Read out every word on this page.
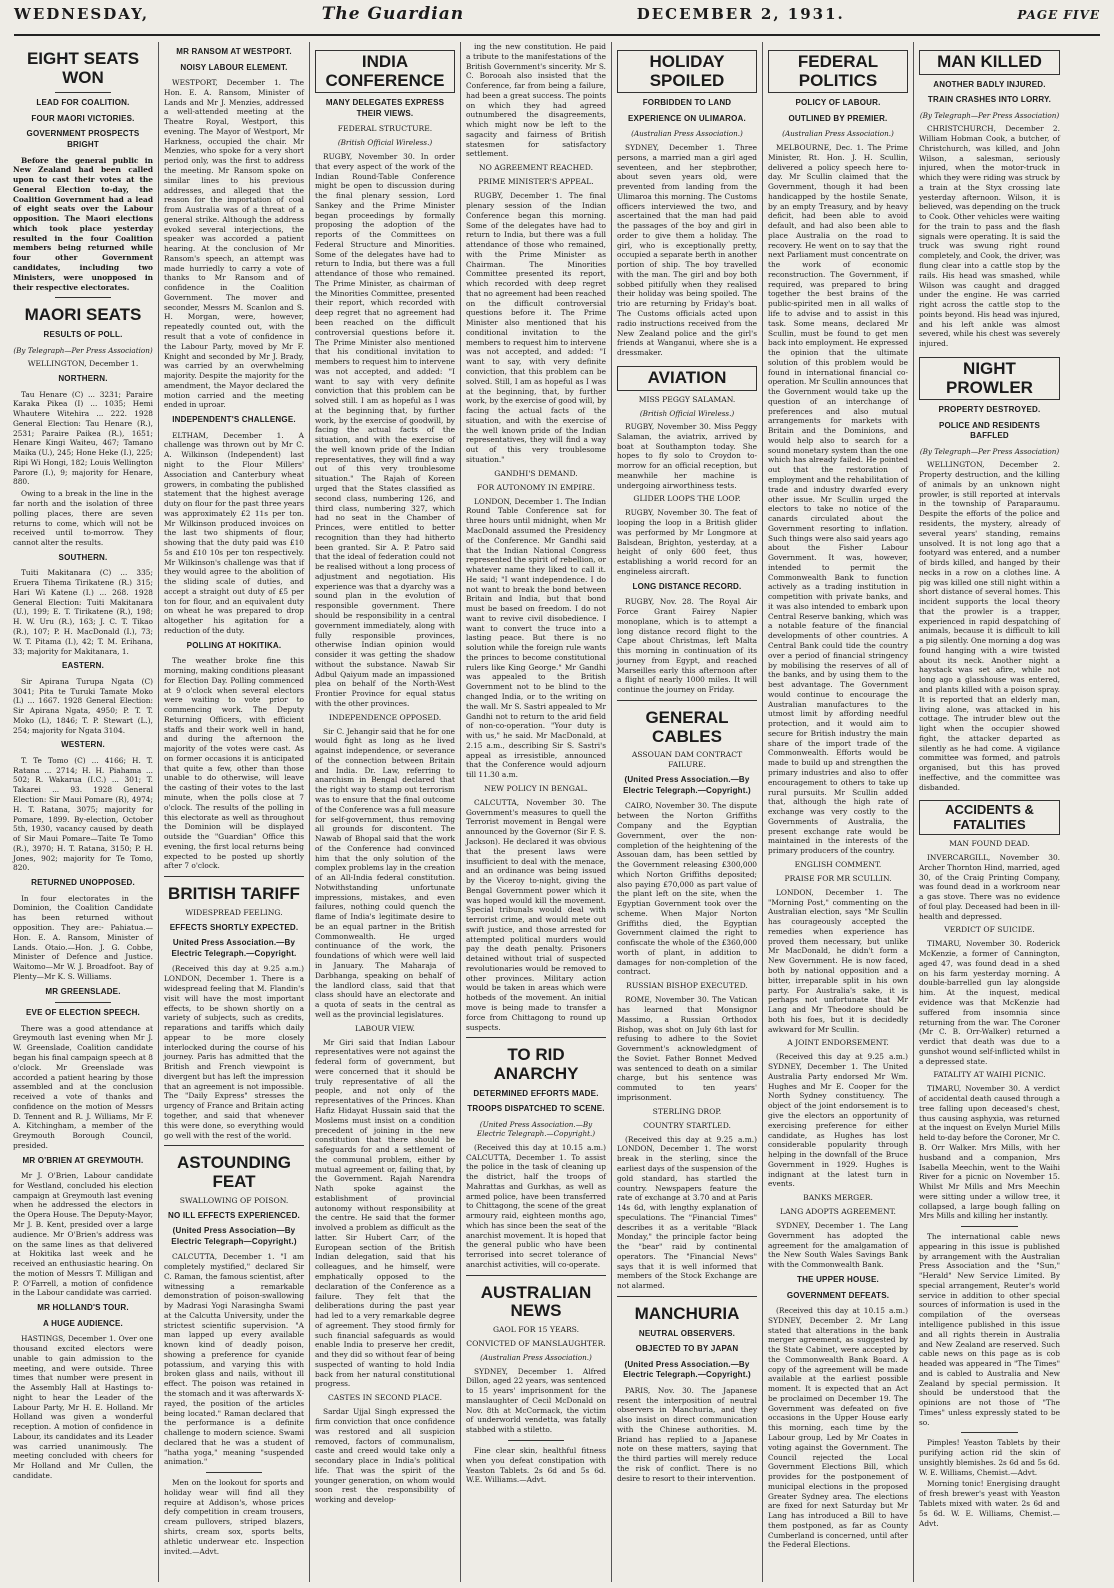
WEDNESDAY,	The Guardian	DECEMBER 2, 1931.	PAGE FIVE
EIGHT SEATS WON
LEAD FOR COALITION.
FOUR MAORI VICTORIES.
GOVERNMENT PROSPECTS BRIGHT

Before the general public in New Zealand had been called upon to cast their votes at the General Election to-day, the Coalition Government had a lead of eight seats over the Labour opposition. The Maori elections which took place yesterday resulted in the four Coalition members being returned while four other Government candidates, including two Ministers, were unopposed in their respective electorates.

MAORI SEATS
RESULTS OF POLL.
(By Telegraph—Per Press Association)
WELLINGTON, December 1.
NORTHERN.

Tau Henare (C) ... 3231; Paraire Karaka Pikea (I) ... 1035; Hemi Whautere Witehira ... 222. 1928 General Election: Tau Henare (R.), 2531; Paraire Paikea (R.), 1651; Henare Kingi Waiteu, 467; Tamano Maika (U.), 245; Hone Heke (I.), 225; Ripi Wi Hongi, 182; Louis Wellington Parore (I.), 9; majority for Henare, 880.

Owing to a break in the line in the far north and the isolation of three polling places, there are seven returns to come, which will not be received until to-morrow. They cannot alter the results.

SOUTHERN.

Tuiti Makitanara (C) ... 335; Eruera Tihema Tirikatene (R.) 315; Hari Wi Katene (I.) ... 268. 1928 General Election: Tuiti Makitanara (U.), 199; E. T. Tirikatene (R.), 198; H. W. Uru (R.), 163; J. C. T. Tikao (R.), 107; P. H. MacDonald (I.), 73; W. T. Pitama (I.), 42; T. M. Erihana, 33; majority for Makitanara, 1.

EASTERN.

Sir Apirana Turupa Ngata (C) 3041; Pita te Turuki Tamate Moko (L) ... 1667. 1928 General Election: Sir Apirana Ngata, 4950; P. T. T. Moko (L), 1846; T. P. Stewart (L.), 254; majority for Ngata 3104.

WESTERN.

T. Te Tomo (C) ... 4166; H. T. Ratana ... 2714; H. H. Piahama ... 502; R. Wakarua (I.C.) ... 301; T. Takarei ... 93. 1928 General Election: Sir Maui Pomare (R), 4974; H. T. Ratana, 3075; majority for Pomare, 1899. By-election, October 5th, 1930, vacancy caused by death of Sir Maui Pomare—Taite Te Tomo (R.), 3970; H. T. Ratana, 3150; P. H. Jones, 902; majority for Te Tomo, 820.

RETURNED UNOPPOSED.

In four electorates in the Dominion, the Coalition Candidate has been returned without opposition. They are:- Pahiatua.—Hon. E. A. Ransom, Minister of Lands. Otaio.—Hon. J. G. Cobbe, Minister of Defence and Justice. Waitomo—Mr W. J. Broadfoot. Bay of Plenty—Mr K. S. Williams.

MR GREENSLADE.
EVE OF ELECTION SPEECH.

There was a good attendance at Greymouth last evening when Mr J. W. Greenslade, Coalition candidate began his final campaign speech at 8 o'clock. Mr Greenslade was accorded a patient hearing by those assembled and at the conclusion received a vote of thanks and confidence on the motion of Messrs D. Tennent and R. J. Williams, Mr F. A. Kitchingham, a member of the Greymouth Borough Council, presided.

MR O'BRIEN AT GREYMOUTH.

Mr J. O'Brien, Labour candidate for Westland, concluded his election campaign at Greymouth last evening when he addressed the electors in the Opera House. The Deputy-Mayor, Mr J. B. Kent, presided over a large audience. Mr O'Brien's address was on the same lines as that delivered at Hokitika last week and he received an enthusiastic hearing. On the motion of Messrs T. Milligan and P. O'Farrell, a motion of confidence in the Labour candidate was carried.

MR HOLLAND'S TOUR.
A HUGE AUDIENCE.

HASTINGS, December 1. Over one thousand excited electors were unable to gain admission to the meeting, and were outside. Three times that number were present in the Assembly Hall at Hastings to-night to hear the Leader of the Labour Party, Mr H. E. Holland. Mr Holland was given a wonderful reception. A motion of confidence in Labour, its candidates and its Leader was carried unanimously. The meeting concluded with cheers for Mr Holland and Mr Cullen, the candidate.

MR RANSOM AT WESTPORT.
NOISY LABOUR ELEMENT.

WESTPORT, December 1. The Hon. E. A. Ransom, Minister of Lands and Mr J. Menzies, addressed a well-attended meeting at the Theatre Royal, Westport, this evening. The Mayor of Westport, Mr Harkness, occupied the chair. Mr Menzies, who spoke for a very short period only, was the first to address the meeting. Mr Ransom spoke on similar lines to his previous addresses, and alleged that the reason for the importation of coal from Australia was of a threat of a general strike. Although the address evoked several interjections, the speaker was accorded a patient hearing. At the conclusion of Mr Ransom's speech, an attempt was made hurriedly to carry a vote of thanks to Mr Ransom and of confidence in the Coalition Government. The mover and seconder, Messrs M. Scanlon and S. H. Morgan, were, however, repeatedly counted out, with the result that a vote of confidence in the Labour Party, moved by Mr F. Knight and seconded by Mr J. Brady, was carried by an overwhelming majority. Despite the majority for the amendment, the Mayor declared the motion carried and the meeting ended in uproar.

INDEPENDENT'S CHALLENGE.

ELTHAM, December 1. A challenge was thrown out by Mr C. A. Wilkinson (Independent) last night to the Flour Millers' Association and Canterbury wheat growers, in combating the published statement that the highest average duty on flour for the past three years was approximately £2 11s per ton. Mr Wilkinson produced invoices on the last two shipments of flour, showing that the duty paid was £10 5s and £10 10s per ton respectively. Mr Wilkinson's challenge was that if they would agree to the abolition of the sliding scale of duties, and accept a straight out duty of £5 per ton for flour, and an equivalent duty on wheat he was prepared to drop altogether his agitation for a reduction of the duty.

POLLING AT HOKITIKA.

The weather broke fine this morning, making conditions pleasant for Election Day. Polling commenced at 9 o'clock when several electors were waiting to vote prior to commencing work. The Deputy Returning Officers, with efficient staffs and their work well in hand, and during the afternoon the majority of the votes were cast. As on former occasions it is anticipated that quite a few, other than those unable to do otherwise, will leave the casting of their votes to the last minute, when the polls close at 7 o'clock. The results of the polling in this electorate as well as throughout the Dominion will be displayed outside the "Guardian" Office this evening, the first local returns being expected to be posted up shortly after 7 o'clock.

BRITISH TARIFF
WIDESPREAD FEELING.
EFFECTS SHORTLY EXPECTED.
United Press Association.—By Electric Telegraph.—Copyright.

(Received this day at 9.25 a.m.) LONDON, December 1. There is a widespread feeling that M. Flandin's visit will have the most important effects, to be shown shortly on a variety of subjects, such as credits, reparations and tariffs which daily appear to be more closely interlocked during the course of his journey. Paris has admitted that the British and French viewpoint is divergent but has left the impression that an agreement is not impossible. The "Daily Express" stresses the urgency of France and Britain acting together, and said that whenever this were done, so everything would go well with the rest of the world.

ASTOUNDING FEAT
SWALLOWING OF POISON.
NO ILL EFFECTS EXPERIENCED.
(United Press Association—By Electric Telegraph—Copyright.)

CALCUTTA, December 1. "I am completely mystified," declared Sir C. Raman, the famous scientist, after witnessing a remarkable demonstration of poison-swallowing by Madrasi Yogi Narasingha Swami at the Calcutta University, under the strictest scientific supervision. "A man lapped up every available known kind of deadly poison, showing a preference for cyanide potassium, and varying this with broken glass and nails, without ill effect. The poison was retained in the stomach and it was afterwards X-rayed, the position of the articles being located." Raman declared that the performance is a definite challenge to modern science. Swami declared that he was a student of "hatha yoga," meaning "suspended animation."

Men on the lookout for sports and holiday wear will find all they require at Addison's, whose prices defy competition in cream trousers, cream pullovers, striped blazers, shirts, cream sox, sports belts, athletic underwear etc. Inspection invited.—Advt.

INDIA CONFERENCE
MANY DELEGATES EXPRESS THEIR VIEWS.
FEDERAL STRUCTURE.
(British Official Wireless.)

RUGBY, November 30. In order that every aspect of the work of the Indian Round-Table Conference might be open to discussion during the final plenary session, Lord Sankey and the Prime Minister began proceedings by formally proposing the adoption of the reports of the Committees on Federal Structure and Minorities. Some of the delegates have had to return to India, but there was a full attendance of those who remained. The Prime Minister, as chairman of the Minorities Committee, presented their report, which recorded with deep regret that no agreement had been reached on the difficult controversial questions before it. The Prime Minister also mentioned that his conditional invitation to members to request him to intervene was not accepted, and added: "I want to say with very definite conviction that this problem can be solved still. I am as hopeful as I was at the beginning that, by further work, by the exercise of goodwill, by facing the actual facts of the situation, and with the exercise of the well known pride of the Indian representatives, they will find a way out of this very troublesome situation." The Rajah of Koreen urged that the States classified as second class, numbering 126, and third class, numbering 327, which had no seat in the Chamber of Princes, were entitled to better recognition than they had hitherto been granted. Sir A. P. Patro said that the ideal of federation could not be realised without a long process of adjustment and negotiation. His experience was that a dyarchy was a sound plan in the evolution of responsible government. There should be responsibility in a central government immediately, along with fully responsible provinces, otherwise Indian opinion would consider it was getting the shadow without the substance. Nawab Sir Adbul Qaiyum made an impassioned plea on behalf of the North-West Frontier Province for equal status with the other provinces.

INDEPENDENCE OPPOSED.

Sir C. Jehangir said that he for one would fight as long as he lived against independence, or severance of the connection between Britain and India. Dr. Law, referring to anarchism in Bengal declared that the right way to stamp out terrorism was to ensure that the final outcome of the Conference was a full measure for self-government, thus removing all grounds for discontent. The Nawab of Bhopal said that the work of the Conference had convinced him that the only solution of the complex problems lay in the creation of an All-India federal constitution. Notwithstanding unfortunate impressions, mistakes, and even failures, nothing could quench the flame of India's legitimate desire to be an equal partner in the British Commonwealth. He urged continuance of the work, the foundations of which were well laid in January. The Maharaja of Darbhanga, speaking on behalf of the landlord class, said that that class should have an electorate and a quota of seats in the central as well as the provincial legislatures.

LABOUR VIEW.

Mr Giri said that Indian Labour representatives were not against the federal form of government, but were concerned that it should be truly representative of all the people, and not only of the representatives of the Princes. Khan Hafiz Hidayat Hussain said that the Moslems must insist on a condition precedent of joining in the new constitution that there should be safeguards for and a settlement of the communal problem, either by mutual agreement or, failing that, by the Government. Rajah Narendra Nath spoke against the establishment of provincial autonomy without responsibility at the centre. He said that the former involved a problem as difficult as the latter. Sir Hubert Carr, of the European section of the British Indian delegation, said that his colleagues, and he himself, were emphatically opposed to the declaration of the Conference as a failure. They felt that the deliberations during the past year had led to a very remarkable degree of agreement. They stood firmly for such financial safeguards as would enable India to preserve her credit, and they did so without fear of being suspected of wanting to hold India back from her natural constitutional progress.

CASTES IN SECOND PLACE.

Sardar Ujjal Singh expressed the firm conviction that once confidence was restored and all suspicion removed, factors of communalism, caste and creed would take only a secondary place in India's political life. That was the spirit of the younger generation, on whom would soon rest the responsibility of working and develop-

ing the new constitution. He paid a tribute to the manifestations of the British Government's sincerity. Mr S. C. Borooah also insisted that the Conference, far from being a failure, had been a great success. The points on which they had agreed outnumbered the disagreements, which might now be left to the sagacity and fairness of British statesmen for satisfactory settlement.

NO AGREEMENT REACHED.
PRIME MINISTER'S APPEAL.

RUGBY, December 1. The final plenary session of the Indian Conference began this morning. Some of the delegates have had to return to India, but there was a full attendance of those who remained, with the Prime Minister as Chairman. The Minorities Committee presented its report, which recorded with deep regret that no agreement had been reached on the difficult controversial questions before it. The Prime Minister also mentioned that his conditional invitation to the members to request him to intervene was not accepted, and added: "I want to say, with very definite conviction, that this problem can be solved. Still, I am as hopeful as I was at the beginning, that, by further work, by the exercise of good will, by facing the actual facts of the situation, and with the exercise of the well known pride of the Indian representatives, they will find a way out of this very troublesome situation."

GANDHI'S DEMAND.
FOR AUTONOMY IN EMPIRE.

LONDON, December 1. The Indian Round Table Conference sat for three hours until midnight, when Mr MacDonald assumed the Presidency of the Conference. Mr Gandhi said that the Indian National Congress represented the spirit of rebellion, or whatever name they liked to call it. He said; "I want independence. I do not want to break the bond between Britain and India, but that bond must be based on freedom. I do not want to revive civil disobedience. I want to convert the truce into a lasting peace. But there is no solution while the foreign rule wants the princes to become constitutional rulers like King George." Mr Gandhi was appealed to the British Government not to be blind to the changed India, or to the writing on the wall. Mr S. Sastri appealed to Mr Gandhi not to return to the arid field of non-co-operation. "Your duty is with us," he said. Mr MacDonald, at 2.15 a.m., describing Sir S. Sastri's appeal as irresistible, announced that the Conference would adjourn till 11.30 a.m.

NEW POLICY IN BENGAL.

CALCUTTA, November 30. The Government's measures to quell the Terrorist movement in Bengal were announced by the Governor (Sir F. S. Jackson). He declared it was obvious that the present laws were insufficient to deal with the menace, and an ordinance was being issued by the Viceroy to-night, giving the Bengal Government power which it was hoped would kill the movement. Special tribunals would deal with terrorist crime, and would mete out swift justice, and those arrested for attempted political murders would pay the death penalty. Prisoners detained without trial of suspected revolutionaries would be removed to other provinces. Military action would be taken in areas which were hotbeds of the movement. An initial move is being made to transfer a force from Chittagong to round up suspects.

TO RID ANARCHY
DETERMINED EFFORTS MADE.
TROOPS DISPATCHED TO SCENE.
(United Press Association.—By Electric Telegraph.—Copyright.)

(Received this day at 10.15 a.m.) CALCUTTA, December 1. To assist the police in the task of cleaning up the district, half the troops of Mahrattas and Gurkhas, as well as armed police, have been transferred to Chittagong, the scene of the great armoury raid, eighteen months ago, which has since been the seat of the anarchist movement. It is hoped that the general public who have been terrorised into secret tolerance of anarchist activities, will co-operate.

AUSTRALIAN NEWS
GAOL FOR 15 YEARS.
CONVICTED OF MANSLAUGHTER.
(Australian Press Association.)

SYDNEY, December 1. Alfred Dillon, aged 22 years, was sentenced to 15 years' imprisonment for the manslaughter of Cecil McDonald on Nov. 8th at McCormack, the victim of underworld vendetta, was fatally stabbed with a stiletto.

Fine clear skin, healthful fitness when you defeat constipation with Yeaston Tablets. 2s 6d and 5s 6d. W.E. Williams.—Advt.

HOLIDAY SPOILED
FORBIDDEN TO LAND
EXPERIENCE ON ULIMAROA.
(Australian Press Association.)

SYDNEY, December 1. Three persons, a married man a girl aged seventeen, and her stepbrother, about seven years old, were prevented from landing from the Ulimaroa this morning. The Customs officers interviewed the two, and ascertained that the man had paid the passages of the boy and girl in order to give them a holiday. The girl, who is exceptionally pretty, occupied a separate berth in another portion of ship. The boy travelled with the man. The girl and boy both sobbed pitifully when they realised their holiday was being spoiled. The trio are returning by Friday's boat. The Customs officials acted upon radio instructions received from the New Zealand police and the girl's friends at Wanganui, where she is a dressmaker.

AVIATION
MISS PEGGY SALAMAN.
(British Official Wireless.)

RUGBY, November 30. Miss Peggy Salaman, the aviatrix, arrived by boat at Southampton today. She hopes to fly solo to Croydon to-morrow for an official reception, but meanwhile her machine is undergoing airworthiness tests.

GLIDER LOOPS THE LOOP.

RUGBY, November 30. The feat of looping the loop in a British glider was performed by Mr Longmore at Balsdean, Brighton, yesterday, at a height of only 600 feet, thus establishing a world record for an engineless aircraft.

LONG DISTANCE RECORD.

RUGBY, Nov. 28. The Royal Air Force Grant Fairey Napier monoplane, which is to attempt a long distance record flight to the Cape about Christmas, left Malta this morning in continuation of its journey from Egypt, and reached Marseilles early this afternoon after a flight of nearly 1000 miles. It will continue the journey on Friday.

GENERAL CABLES
ASSOUAN DAM CONTRACT FAILURE.
(United Press Association.—By Electric Telegraph.—Copyright.)

CAIRO, November 30. The dispute between the Norton Griffiths Company and the Egyptian Government, over the non-completion of the heightening of the Assouan dam, has been settled by the Government releasing £300,000 which Norton Griffiths deposited; also paying £70,000 as part value of the plant left on the site, when the Egyptian Government took over the scheme. When Major Norton Griffiths died, the Egyptian Government claimed the right to confiscate the whole of the £360,000 worth of plant, in addition to damages for non-completion of the contract.

RUSSIAN BISHOP EXECUTED.

ROME, November 30. The Vatican has learned that Monsignor Massimo, a Russian Orthodox Bishop, was shot on July 6th last for refusing to adhere to the Soviet Government's acknowledgment of the Soviet. Father Bonnet Medved was sentenced to death on a similar charge, but his sentence was commuted to ten years' imprisonment.

STERLING DROP.
COUNTRY STARTLED.

(Received this day at 9.25 a.m.) LONDON, December 1. The worst break in the sterling, since the earliest days of the suspension of the gold standard, has startled the country. Newspapers feature the rate of exchange at 3.70 and at Paris 14s 6d, with lengthy explanation of speculations. The "Financial Times" describes it as a veritable "Black Monday," the principle factor being the "bear" raid by continental operators. The "Financial News" says that it is well informed that members of the Stock Exchange are not alarmed.

MANCHURIA
NEUTRAL OBSERVERS.
OBJECTED TO BY JAPAN
(United Press Association.—By Electric Telegraph.—Copyright.)

PARIS, Nov. 30. The Japanese resent the interposition of neutral observers in Manchuria, and they also insist on direct communication with the Chinese authorities. M. Briand has replied to a Japanese note on these matters, saying that the third parties will merely reduce the risk of conflict. There is no desire to resort to their intervention.

FEDERAL POLITICS
POLICY OF LABOUR.
OUTLINED BY PREMIER.
(Australian Press Association.)

MELBOURNE, Dec. 1. The Prime Minister, Rt. Hon. J. H. Scullin, delivered a policy speech here to-day. Mr Scullin claimed that the Government, though it had been handicapped by the hostile Senate, by an empty Treasury, and by heavy deficit, had been able to avoid default, and had also been able to place Australia on the road to recovery. He went on to say that the next Parliament must concentrate on the work of economic reconstruction. The Government, if required, was prepared to bring together the best brains of the public-spirited men in all walks of life to advise and to assist in this task. Some means, declared Mr Scullin, must be found to get men back into employment. He expressed the opinion that the ultimate solution of this problem would be found in international financial co-operation. Mr Scullin announces that the Government would take up the question of an interchange of preferences and also mutual arrangements for markets with Britain and the Dominions, and would help also to search for a sound monetary system than the one which has already failed. He pointed out that the restoration of employment and the rehabilitation of trade and industry dwarfed every other issue. Mr Scullin urged the electors to take no notice of the canards circulated about the Government resorting to inflation. Such things were also said years ago about the Fisher Labour Government. It was, however, intended to permit the Commonwealth Bank to function actively as a trading institution in competition with private banks, and it was also intended to embark upon Central Reserve banking, which was a notable feature of the financial developments of other countries. A Central Bank could tide the country over a period of financial stringency by mobilising the reserves of all of the banks, and by using them to the best advantage. The Government would continue to encourage the Australian manufactures to the utmost limit by affording needful protection, and it would aim to secure for British industry the main share of the import trade of the Commonwealth. Efforts would be made to build up and strengthen the primary industries and also to offer encouragement to others to take up rural pursuits. Mr Scullin added that, although the high rate of exchange was very costly to the Governments of Australia, the present exchange rate would be maintained in the interests of the primary producers of the country.

ENGLISH COMMENT.
PRAISE FOR MR SCULLIN.

LONDON, December 1. The "Morning Post," commenting on the Australian election, says "Mr Scullin has courageously accepted the remedies when experience has proved them necessary, but unlike Mr MacDonald, he didn't form a New Government. He is now faced, both by national opposition and a bitter, irreparable split in his own party. For Australia's sake, it is perhaps not unfortunate that Mr Lang and Mr Theodore should be both his foes, but it is decidedly awkward for Mr Scullin.

A JOINT ENDORSEMENT.

(Received this day at 9.25 a.m.) SYDNEY, December 1. The United Australia Party endorsed Mr Wm. Hughes and Mr E. Cooper for the North Sydney constituency. The object of the joint endorsement is to give the electors an opportunity of exercising preference for either candidate, as Hughes has lost considerable popularity through helping in the downfall of the Bruce Government in 1929. Hughes is indignant at the latest turn in events.

BANKS MERGER.
LANG ADOPTS AGREEMENT.

SYDNEY, December 1. The Lang Government has adopted the agreement for the amalgamation of the New South Wales Savings Bank with the Commonwealth Bank.

THE UPPER HOUSE.
GOVERNMENT DEFEATS.

(Received this day at 10.15 a.m.) SYDNEY, December 2. Mr Lang stated that alterations in the bank merger agreement, as suggested by the State Cabinet, were accepted by the Commonwealth Bank Board. A copy of the agreement will be made available at the earliest possible moment. It is expected that an Act be proclaimed on December 19. The Government was defeated on five occasions in the Upper House early this morning, each time by the Labour group, Led by Mr Coates in voting against the Government. The Council rejected the Local Government Elections Bill, which provides for the postponement of municipal elections in the proposed Greater Sydney area. The elections are fixed for next Saturday but Mr Lang has introduced a Bill to have them postponed, as far as County Cumberland is concerned, until after the Federal Elections.

MAN KILLED
ANOTHER BADLY INJURED.
TRAIN CRASHES INTO LORRY.
(By Telegraph—Per Press Association)

CHRISTCHURCH, December 2. William Hobman Cook, a butcher, of Christchurch, was killed, and John Wilson, a salesman, seriously injured, when the motor-truck in which they were riding was struck by a train at the Styx crossing late yesterday afternoon. Wilson, it is believed, was depending on the truck to Cook. Other vehicles were waiting for the train to pass and the flash signals were operating. It is said the truck was swung right round completely, and Cook, the driver, was flung clear into a cattle stop by the rails. His head was smashed, while Wilson was caught and dragged under the engine. He was carried right across the cattle stop to the points beyond. His head was injured, and his left ankle was almost severed, while his chest was severely injured.

NIGHT PROWLER
PROPERTY DESTROYED.
POLICE AND RESIDENTS BAFFLED
(By Telegraph—Per Press Association)

WELLINGTON, December 2. Property destruction, and the killing of animals by an unknown night prowler, is still reported at intervals in the township of Paraparaumu. Despite the efforts of the police and residents, the mystery, already of several years' standing, remains unsolved. It is not long ago that a footyard was entered, and a number of birds killed, and hanged by their necks in a row on a clothes line. A pig was killed one still night within a short distance of several homes. This incident supports the local theory that the prowler is a trapper, experienced in rapid despatching of animals, because it is difficult to kill a pig silently. One morning a dog was found hanging with a wire twisted about its neck. Another night a haystack was set afire, while not long ago a glasshouse was entered, and plants killed with a poison spray. It is reported that an elderly man, living alone, was attacked in his cottage. The intruder blew out the light when the occupier showed fight, the attacker departed as silently as he had come. A vigilance committee was formed, and patrols organised, but this has proved ineffective, and the committee was disbanded.

ACCIDENTS & FATALITIES
MAN FOUND DEAD.

INVERCARGILL, November 30. Archer Thornton Hind, married, aged 30, of the Craig Printing Company, was found dead in a workroom near a gas stove. There was no evidence of foul play. Deceased had been in ill-health and depressed.

VERDICT OF SUICIDE.

TIMARU, November 30. Roderick McKenzie, a former of Cannington, aged 47, was found dead in a shed on his farm yesterday morning. A double-barrelled gun lay alongside him. At the inquest, medical evidence was that McKenzie had suffered from insomnia since returning from the war. The Coroner (Mr C. B. Orr-Walker) returned a verdict that death was due to a gunshot wound self-inflicted whilst in a depressed state.

FATALITY AT WAIHI PICNIC.

TIMARU, November 30. A verdict of accidental death caused through a tree falling upon deceased's chest, thus causing asphyxia, was returned at the inquest on Evelyn Muriel Mills held to-day before the Coroner, Mr C. B. Orr Walker. Mrs Mills, with her husband and a companion, Mrs Isabella Meechin, went to the Waihi River for a picnic on November 15. Whilst Mr Mills and Mrs Meechin were sitting under a willow tree, it collapsed, a large bough falling on Mrs Mills and killing her instantly.

The international cable news appearing in this issue is published by arrangement with the Australian Press Association and the "Sun," "Herald" New Service Limited. By special arrangement, Reuter's world service in addition to other special sources of information is used in the compilation of the overseas intelligence published in this issue and all rights therein in Australia and New Zealand are reserved. Such cable news on this page as is cob headed was appeared in "The Times" and is cabled to Australia and New Zealand by special permission. It should be understood that the opinions are not those of "The Times" unless expressly stated to be so.

Pimples! Yeaston Tablets by their purifying action rid the skin of unsightly blemishes. 2s 6d and 5s 6d. W. E. Williams, Chemist.—Advt.

Morning tonic! Energising draught of fresh brewer's yeast with Yeaston Tablets mixed with water. 2s 6d and 5s 6d. W. E. Williams, Chemist.—Advt.
